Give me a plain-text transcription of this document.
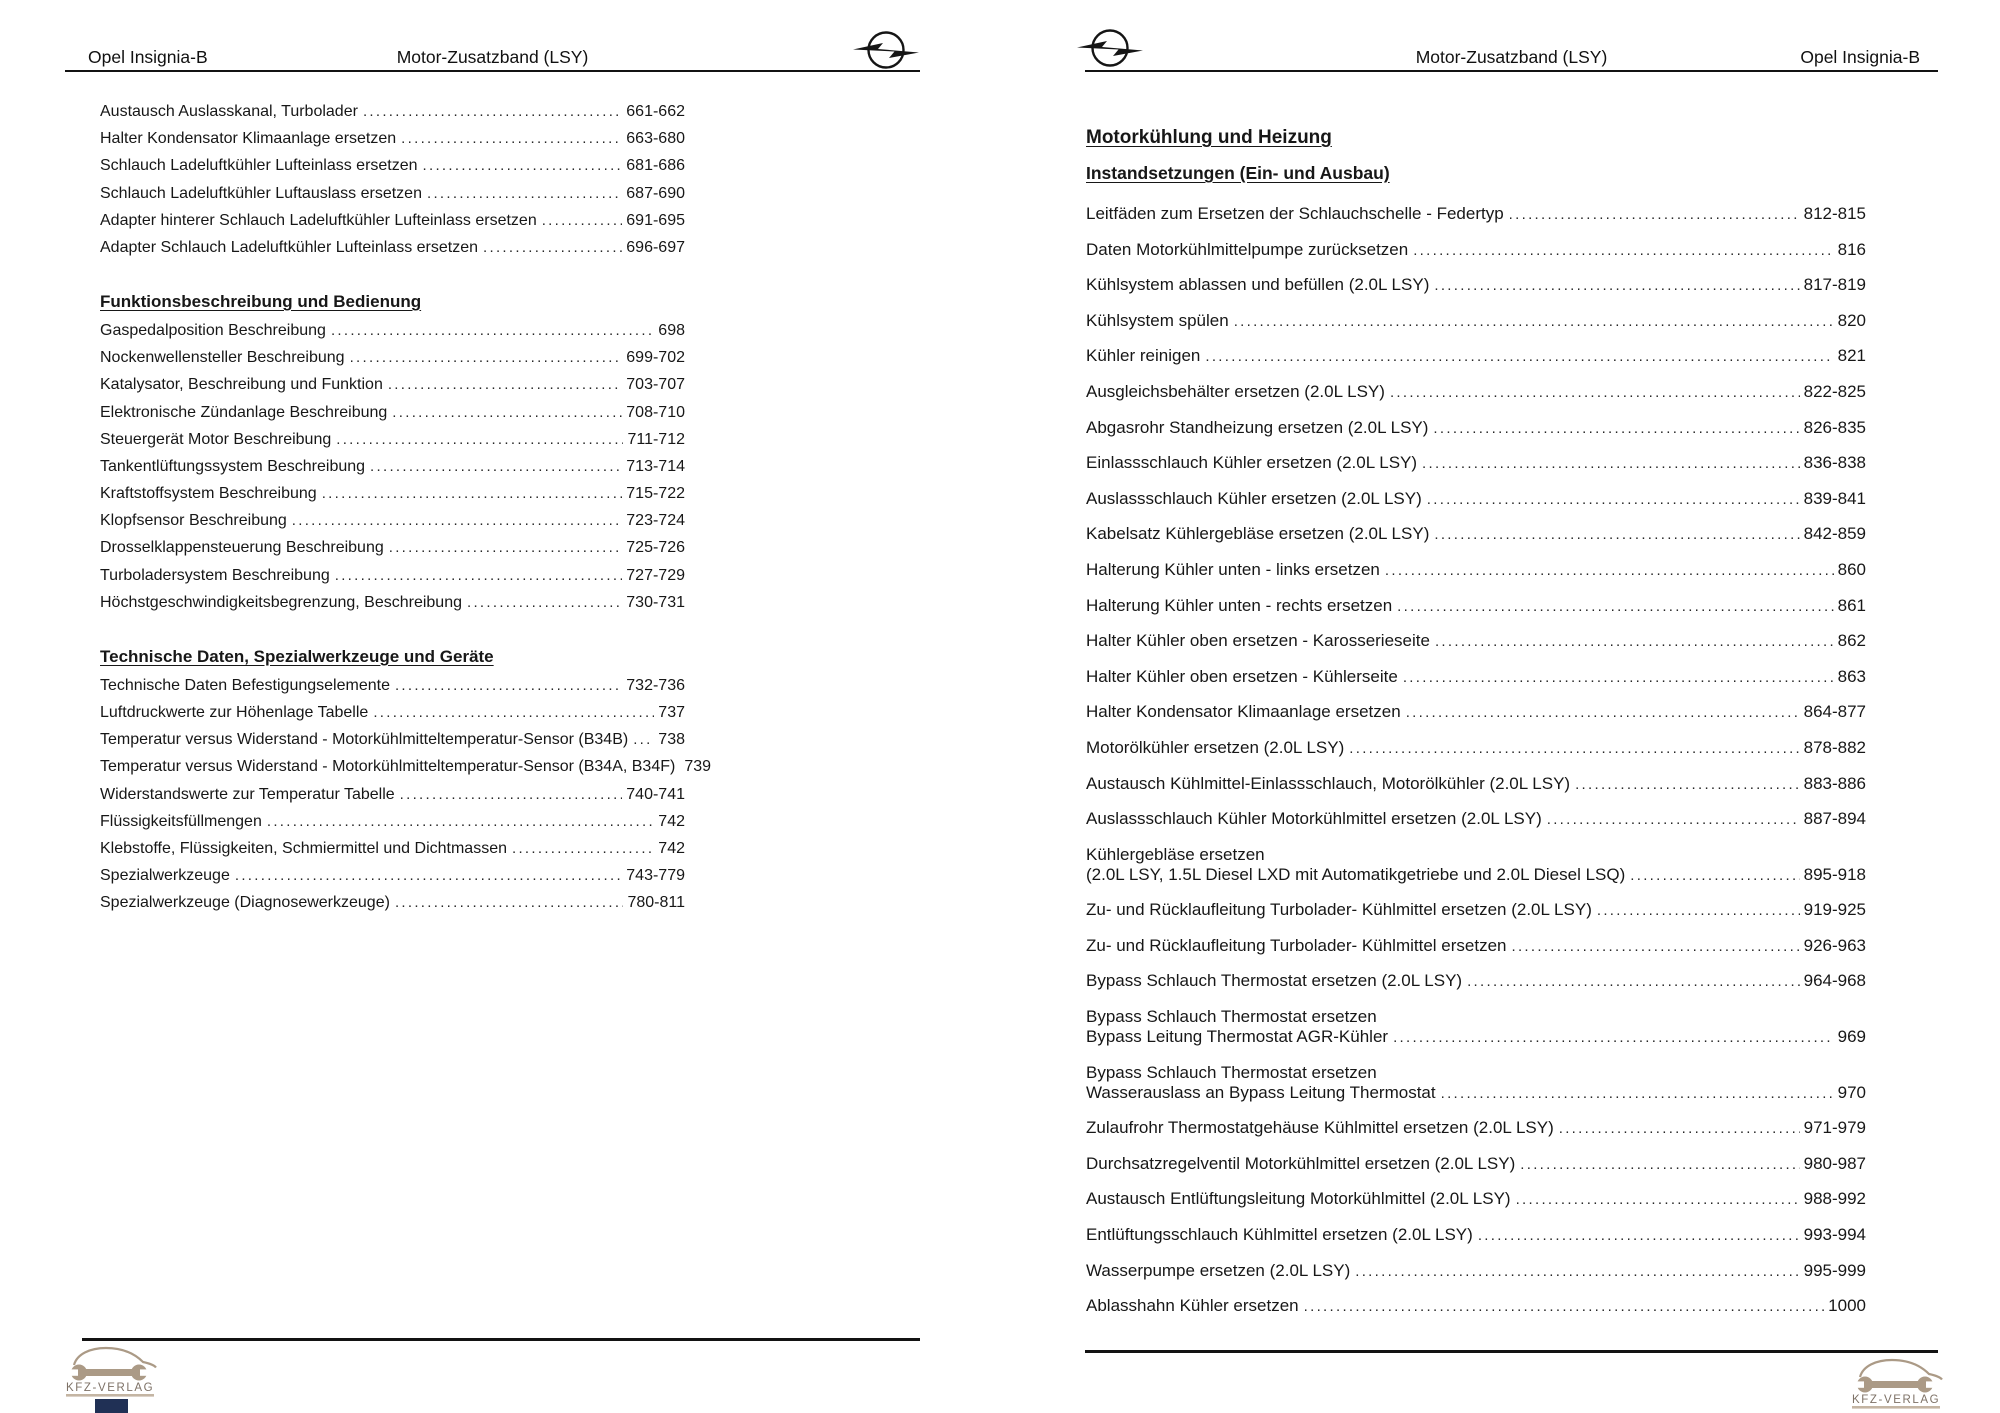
Opel Insignia-B	Motor-Zusatzband (LSY)	Motor-Zusatzband (LSY)	Opel Insignia-B
Austausch Auslasskanal, Turbolader .....	661-662
Halter Kondensator Klimaanlage ersetzen .....	663-680
Schlauch Ladeluftkühler Lufteinlass ersetzen .....	681-686
Schlauch Ladeluftkühler Luftauslass ersetzen .....	687-690
Adapter hinterer Schlauch Ladeluftkühler Lufteinlass ersetzen .....	691-695
Adapter Schlauch Ladeluftkühler Lufteinlass ersetzen .....	696-697
Funktionsbeschreibung und Bedienung
Gaspedalposition Beschreibung .....	698
Nockenwellensteller Beschreibung .....	699-702
Katalysator, Beschreibung und Funktion .....	703-707
Elektronische Zündanlage Beschreibung .....	708-710
Steuergerät Motor Beschreibung .....	711-712
Tankentlüftungssystem Beschreibung .....	713-714
Kraftstoffsystem Beschreibung .....	715-722
Klopfsensor Beschreibung .....	723-724
Drosselklappensteuerung Beschreibung .....	725-726
Turboladersystem Beschreibung .....	727-729
Höchstgeschwindigkeitsbegrenzung, Beschreibung .....	730-731
Technische Daten, Spezialwerkzeuge und Geräte
Technische Daten Befestigungselemente .....	732-736
Luftdruckwerte zur Höhenlage Tabelle .....	737
Temperatur versus Widerstand - Motorkühlmitteltemperatur-Sensor (B34B) ..... 738
Temperatur versus Widerstand - Motorkühlmitteltemperatur-Sensor (B34A, B34F) 739
Widerstandswerte zur Temperatur Tabelle .....	740-741
Flüssigkeitsfüllmengen .....	742
Klebstoffe, Flüssigkeiten, Schmiermittel und Dichtmassen .....	742
Spezialwerkzeuge .....	743-779
Spezialwerkzeuge (Diagnosewerkzeuge) .....	780-811
Motorkühlung und Heizung
Instandsetzungen (Ein- und Ausbau)
Leitfäden zum Ersetzen der Schlauchschelle - Federtyp .....	812-815
Daten Motorkühlmittelpumpe zurücksetzen .....	816
Kühlsystem ablassen und befüllen (2.0L LSY) .....	817-819
Kühlsystem spülen .....	820
Kühler reinigen .....	821
Ausgleichsbehälter ersetzen (2.0L LSY) .....	822-825
Abgasrohr Standheizung ersetzen (2.0L LSY) .....	826-835
Einlassschlauch Kühler ersetzen (2.0L LSY) .....	836-838
Auslassschlauch Kühler ersetzen (2.0L LSY) .....	839-841
Kabelsatz Kühlergebläse ersetzen (2.0L LSY) .....	842-859
Halterung Kühler unten - links ersetzen .....	860
Halterung Kühler unten - rechts ersetzen .....	861
Halter Kühler oben ersetzen - Karosserieseite .....	862
Halter Kühler oben ersetzen - Kühlerseite .....	863
Halter Kondensator Klimaanlage ersetzen .....	864-877
Motorölkühler ersetzen (2.0L LSY) .....	878-882
Austausch Kühlmittel-Einlassschlauch, Motorölkühler (2.0L LSY) .....	883-886
Auslassschlauch Kühler Motorkühlmittel ersetzen (2.0L LSY) .....	887-894
Kühlergebläse ersetzen
(2.0L LSY, 1.5L Diesel LXD mit Automatikgetriebe und 2.0L Diesel LSQ) .....	895-918
Zu- und Rücklaufleitung Turbolader- Kühlmittel ersetzen (2.0L LSY) .....	919-925
Zu- und Rücklaufleitung Turbolader- Kühlmittel ersetzen .....	926-963
Bypass Schlauch Thermostat ersetzen (2.0L LSY) .....	964-968
Bypass Schlauch Thermostat ersetzen
Bypass Leitung Thermostat AGR-Kühler .....	969
Bypass Schlauch Thermostat ersetzen
Wasserauslass an Bypass Leitung Thermostat .....	970
Zulaufrohr Thermostatgehäuse Kühlmittel ersetzen (2.0L LSY) .....	971-979
Durchsatzregelventil Motorkühlmittel ersetzen (2.0L LSY) .....	980-987
Austausch Entlüftungsleitung Motorkühlmittel (2.0L LSY) .....	988-992
Entlüftungsschlauch Kühlmittel ersetzen (2.0L LSY) .....	993-994
Wasserpumpe ersetzen (2.0L LSY) .....	995-999
Ablasshahn Kühler ersetzen .....	1000
KFZ-VERLAG
KFZ-VERLAG
